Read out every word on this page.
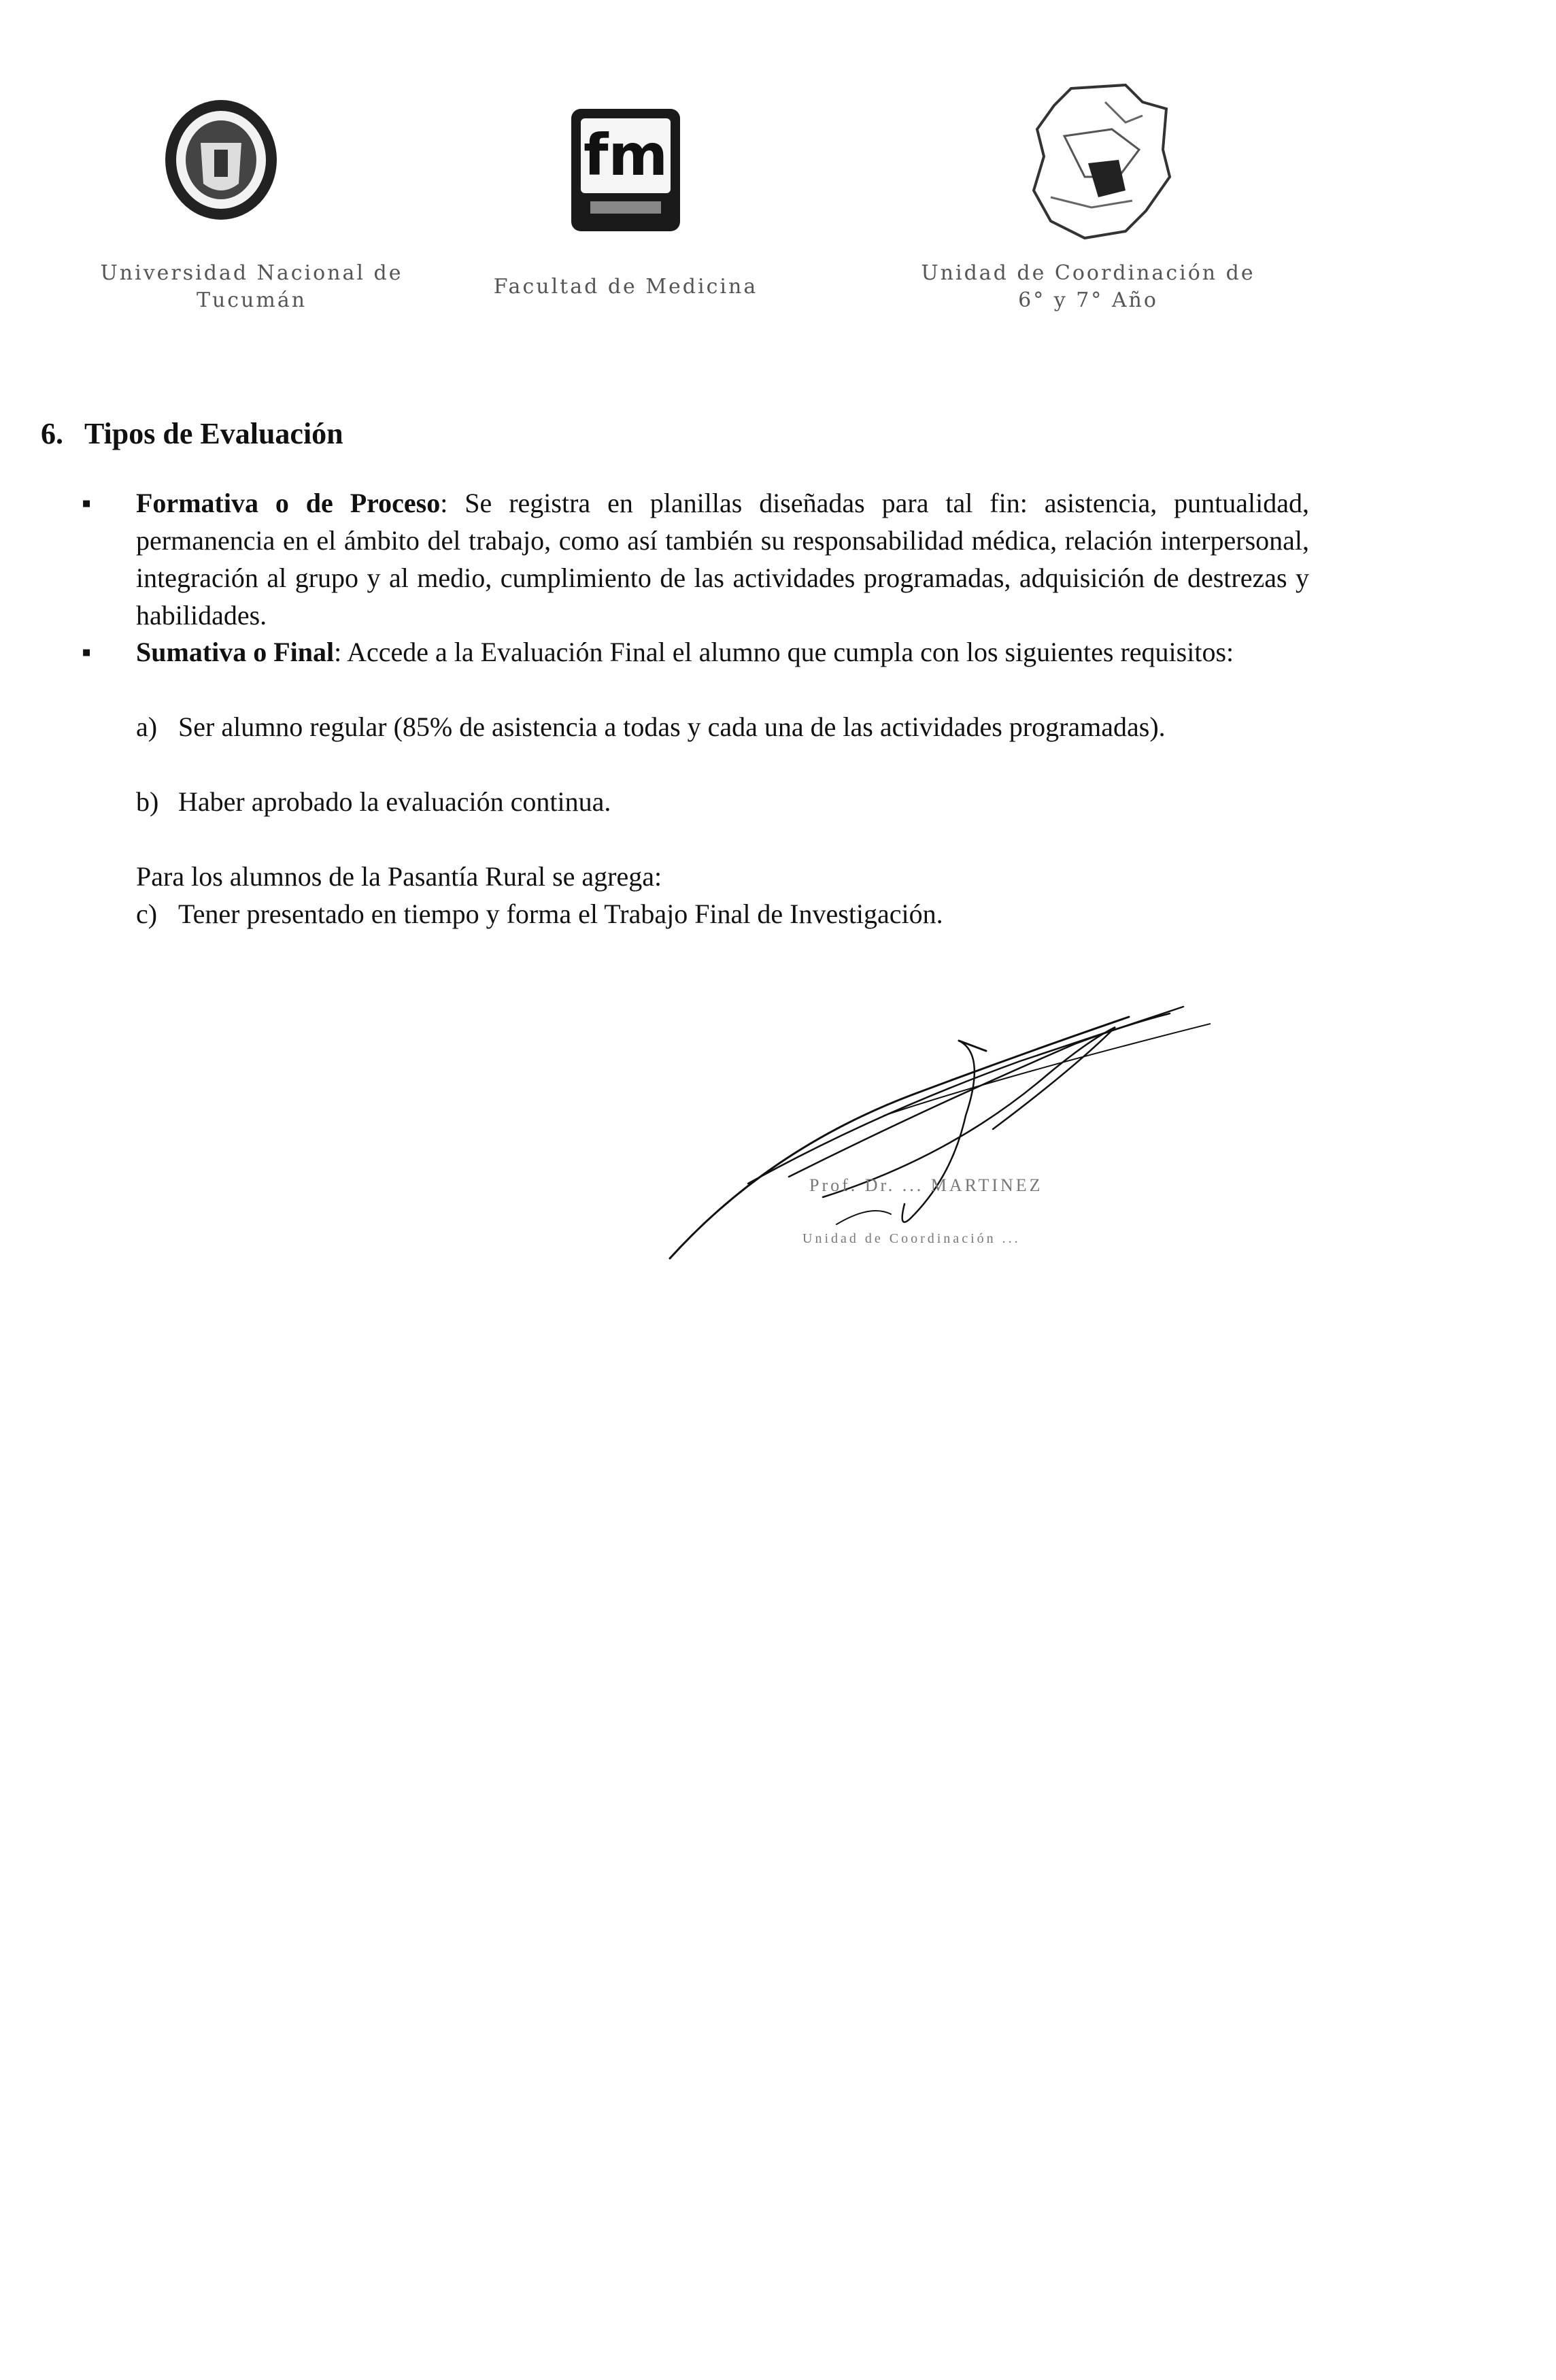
Universidad Nacional de
Tucumán
fm
Facultad de Medicina
Unidad de Coordinación de
6° y 7° Año
6. Tipos de Evaluación
▪ Formativa o de Proceso: Se registra en planillas diseñadas para tal fin: asistencia, puntualidad, permanencia en el ámbito del trabajo, como así también su responsabilidad médica, relación interpersonal, integración al grupo y al medio, cumplimiento de las actividades programadas, adquisición de destrezas y habilidades.
▪ Sumativa o Final: Accede a la Evaluación Final el alumno que cumpla con los siguientes requisitos:
a) Ser alumno regular (85% de asistencia a todas y cada una de las actividades programadas).
b) Haber aprobado la evaluación continua.
Para los alumnos de la Pasantía Rural se agrega:
c) Tener presentado en tiempo y forma el Trabajo Final de Investigación.
Prof. Dr. ... MARTINEZ
Unidad de Coordinación ...
